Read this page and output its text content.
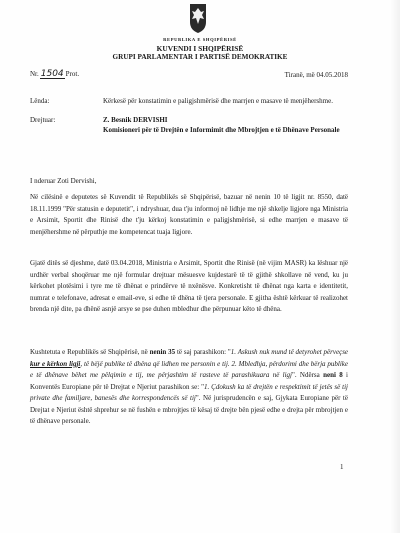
REPUBLIKA E SHQIPËRISË
KUVENDI I SHQIPËRISË
GRUPI PARLAMENTAR I PARTISË DEMOKRATIKE
Nr. 1504 Prot.	Tiranë, më 04.05.2018
Lënda:	Kërkesë për konstatimin e paligjshmërisë dhe marrjen e masave të menjëhershme.
Drejtuar:	Z. Besnik DERVISHI
Komisioneri për të Drejtën e Informimit dhe Mbrojtjen e të Dhënave Personale
I nderuar Zoti Dervishi,

Në cilësinë e deputetes së Kuvendit të Republikës së Shqipërisë, bazuar në nenin 10 të ligjit nr. 8550, datë 18.11.1999 "Për statusin e deputetit", i ndryshuar, dua t'ju informoj në lidhje me një shkelje ligjore nga Ministria e Arsimit, Sportit dhe Rinisë dhe t'ju kërkoj konstatimin e paligjshmërisë, si edhe marrjen e masave të menjëhershme në përputhje me kompetencat tuaja ligjore.

Gjatë ditës së djeshme, datë 03.04.2018, Ministria e Arsimit, Sportit dhe Rinisë (në vijim MASR) ka lëshuar një urdhër verbal shoqëruar me një formular drejtuar mësuesve kujdestarë të të gjithë shkollave në vend, ku ju kërkohet plotësimi i tyre me të dhënat e prindërve të nxënësve. Konkretisht të dhënat nga karta e identitetit, numrat e telefonave, adresat e email-eve, si edhe të dhëna të tjera personale. E gjitha është kërkuar të realizohet brenda një dite, pa dhënë asnjë arsye se pse duhen mbledhur dhe përpunuar këto të dhëna.

Kushtetuta e Republikës së Shqipërisë, në nenin 35 të saj parashikon: "1. Askush nuk mund të detyrohet përveçse kur e kërkon ligji, të bëjë publike të dhëna që lidhen me personin e tij. 2. Mbledhja, përdorimi dhe bërja publike e të dhënave bëhet me pëlqimin e tij, me përjashtim të rasteve të parashikuara në ligj". Ndërsa neni 8 i Konventës Europiane për të Drejtat e Njeriut parashikon se: "1. Çdokush ka të drejtën e respektimit të jetës së tij private dhe familjare, banesës dhe korrespondencës së tij". Në jurisprudencën e saj, Gjykata Europiane për të Drejtat e Njeriut është shprehur se në fushën e mbrojtjes të kësaj të drejte bën pjesë edhe e drejta për mbrojtjen e të dhënave personale.

1
